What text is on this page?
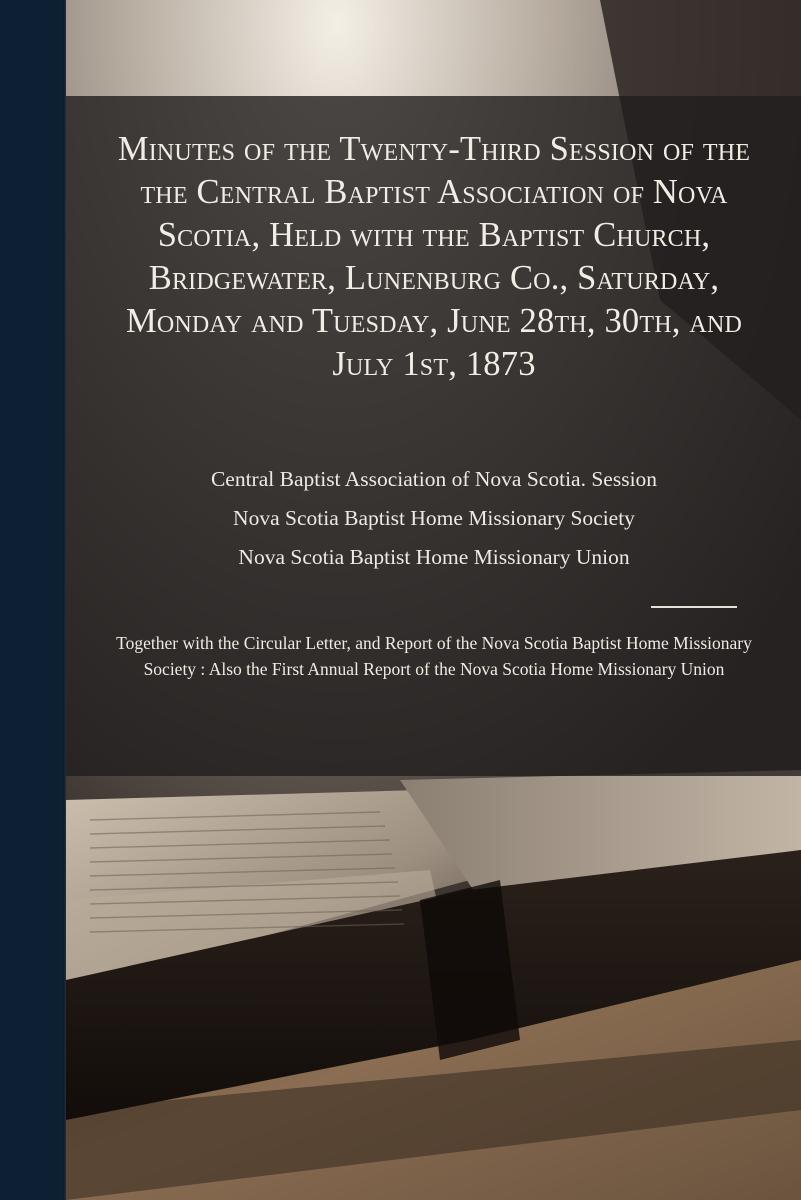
Minutes of the Twenty-Third Session of the the Central Baptist Association of Nova Scotia, Held with the Baptist Church, Bridgewater, Lunenburg Co., Saturday, Monday and Tuesday, June 28th, 30th, and July 1st, 1873
Central Baptist Association of Nova Scotia. Session
Nova Scotia Baptist Home Missionary Society
Nova Scotia Baptist Home Missionary Union

Together with the Circular Letter, and Report of the Nova Scotia Baptist Home Missionary Society : Also the First Annual Report of the Nova Scotia Home Missionary Union
